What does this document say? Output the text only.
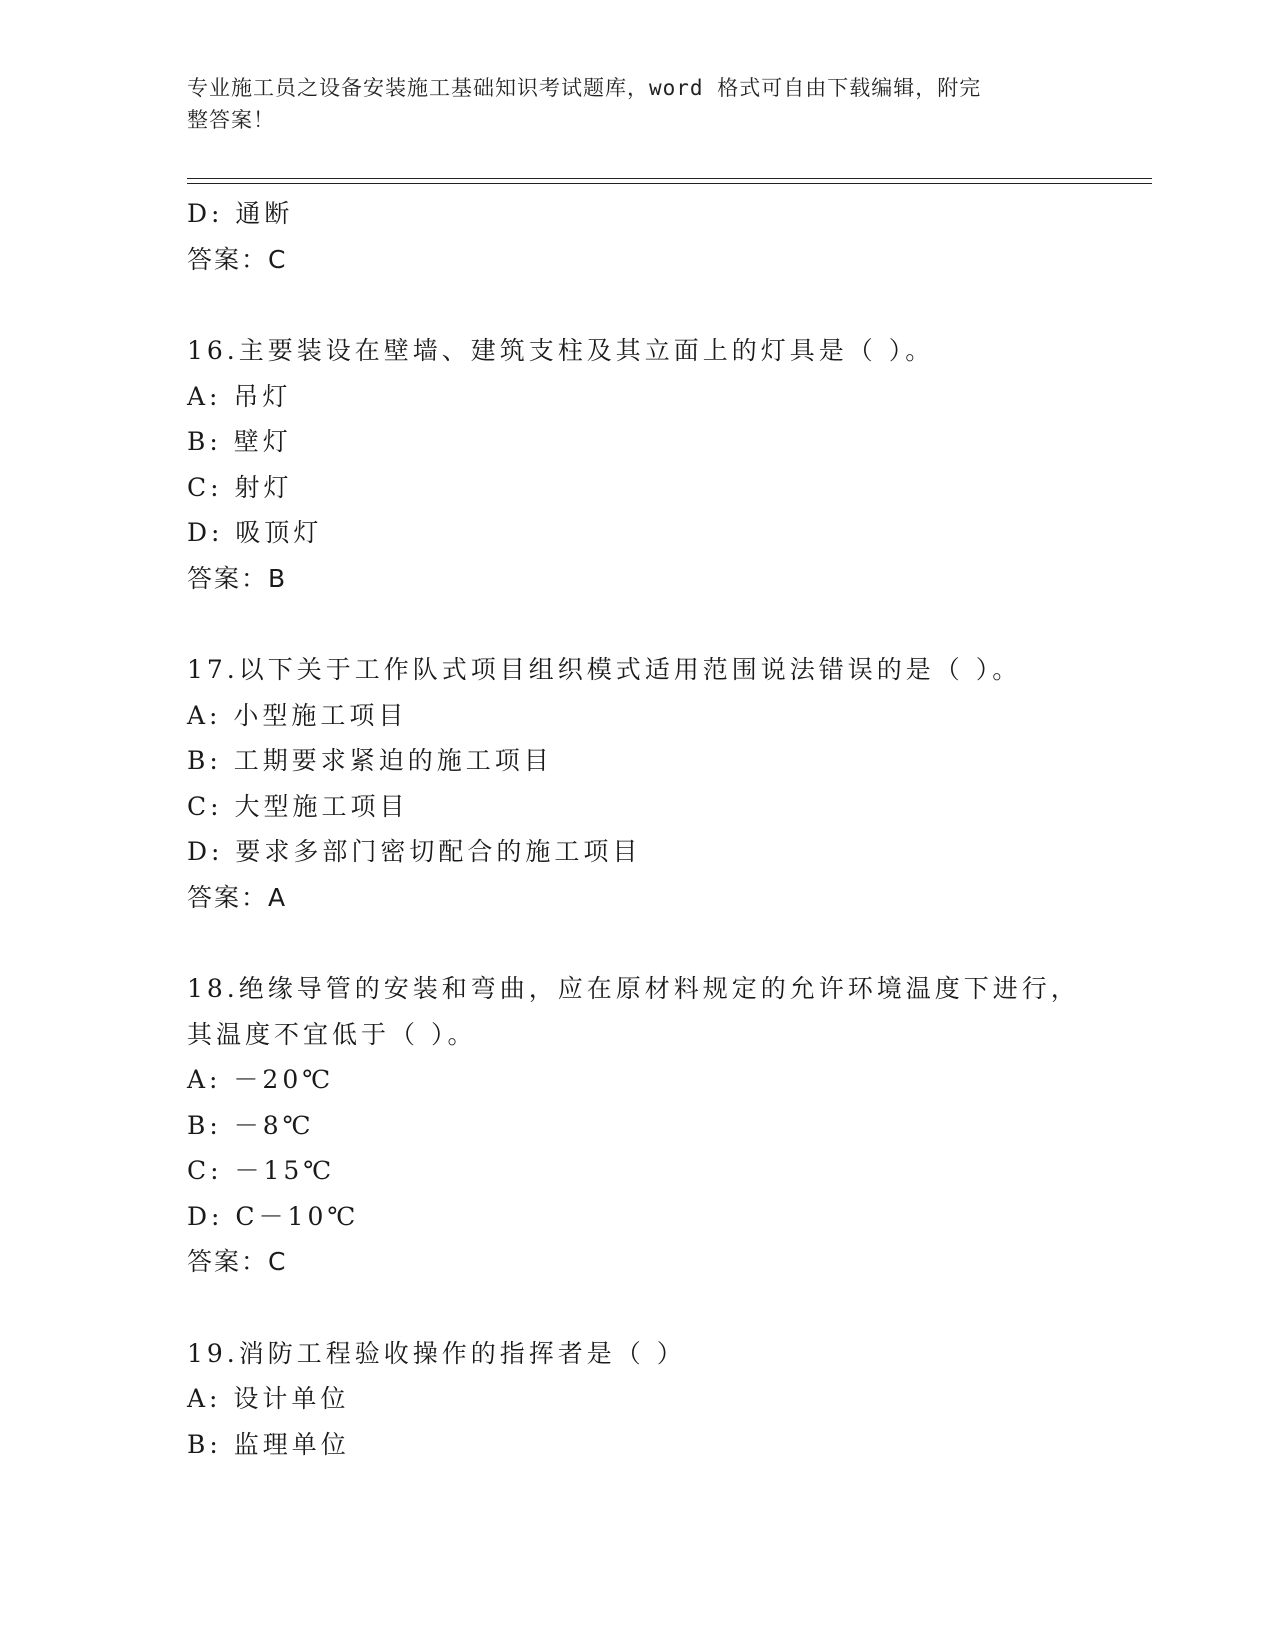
专业施工员之设备安装施工基础知识考试题库，word 格式可自由下载编辑，附完
整答案！
D: 通断
答案：C
16.主要装设在壁墙、建筑支柱及其立面上的灯具是（ ）。
A: 吊灯
B: 壁灯
C: 射灯
D: 吸顶灯
答案：B
17.以下关于工作队式项目组织模式适用范围说法错误的是（ ）。
A: 小型施工项目
B: 工期要求紧迫的施工项目
C: 大型施工项目
D: 要求多部门密切配合的施工项目
答案：A
18.绝缘导管的安装和弯曲，应在原材料规定的允许环境温度下进行，
其温度不宜低于（ ）。
A: －20℃
B: －8℃
C: －15℃
D: C－10℃
答案：C
19.消防工程验收操作的指挥者是（ ）
A: 设计单位
B: 监理单位
